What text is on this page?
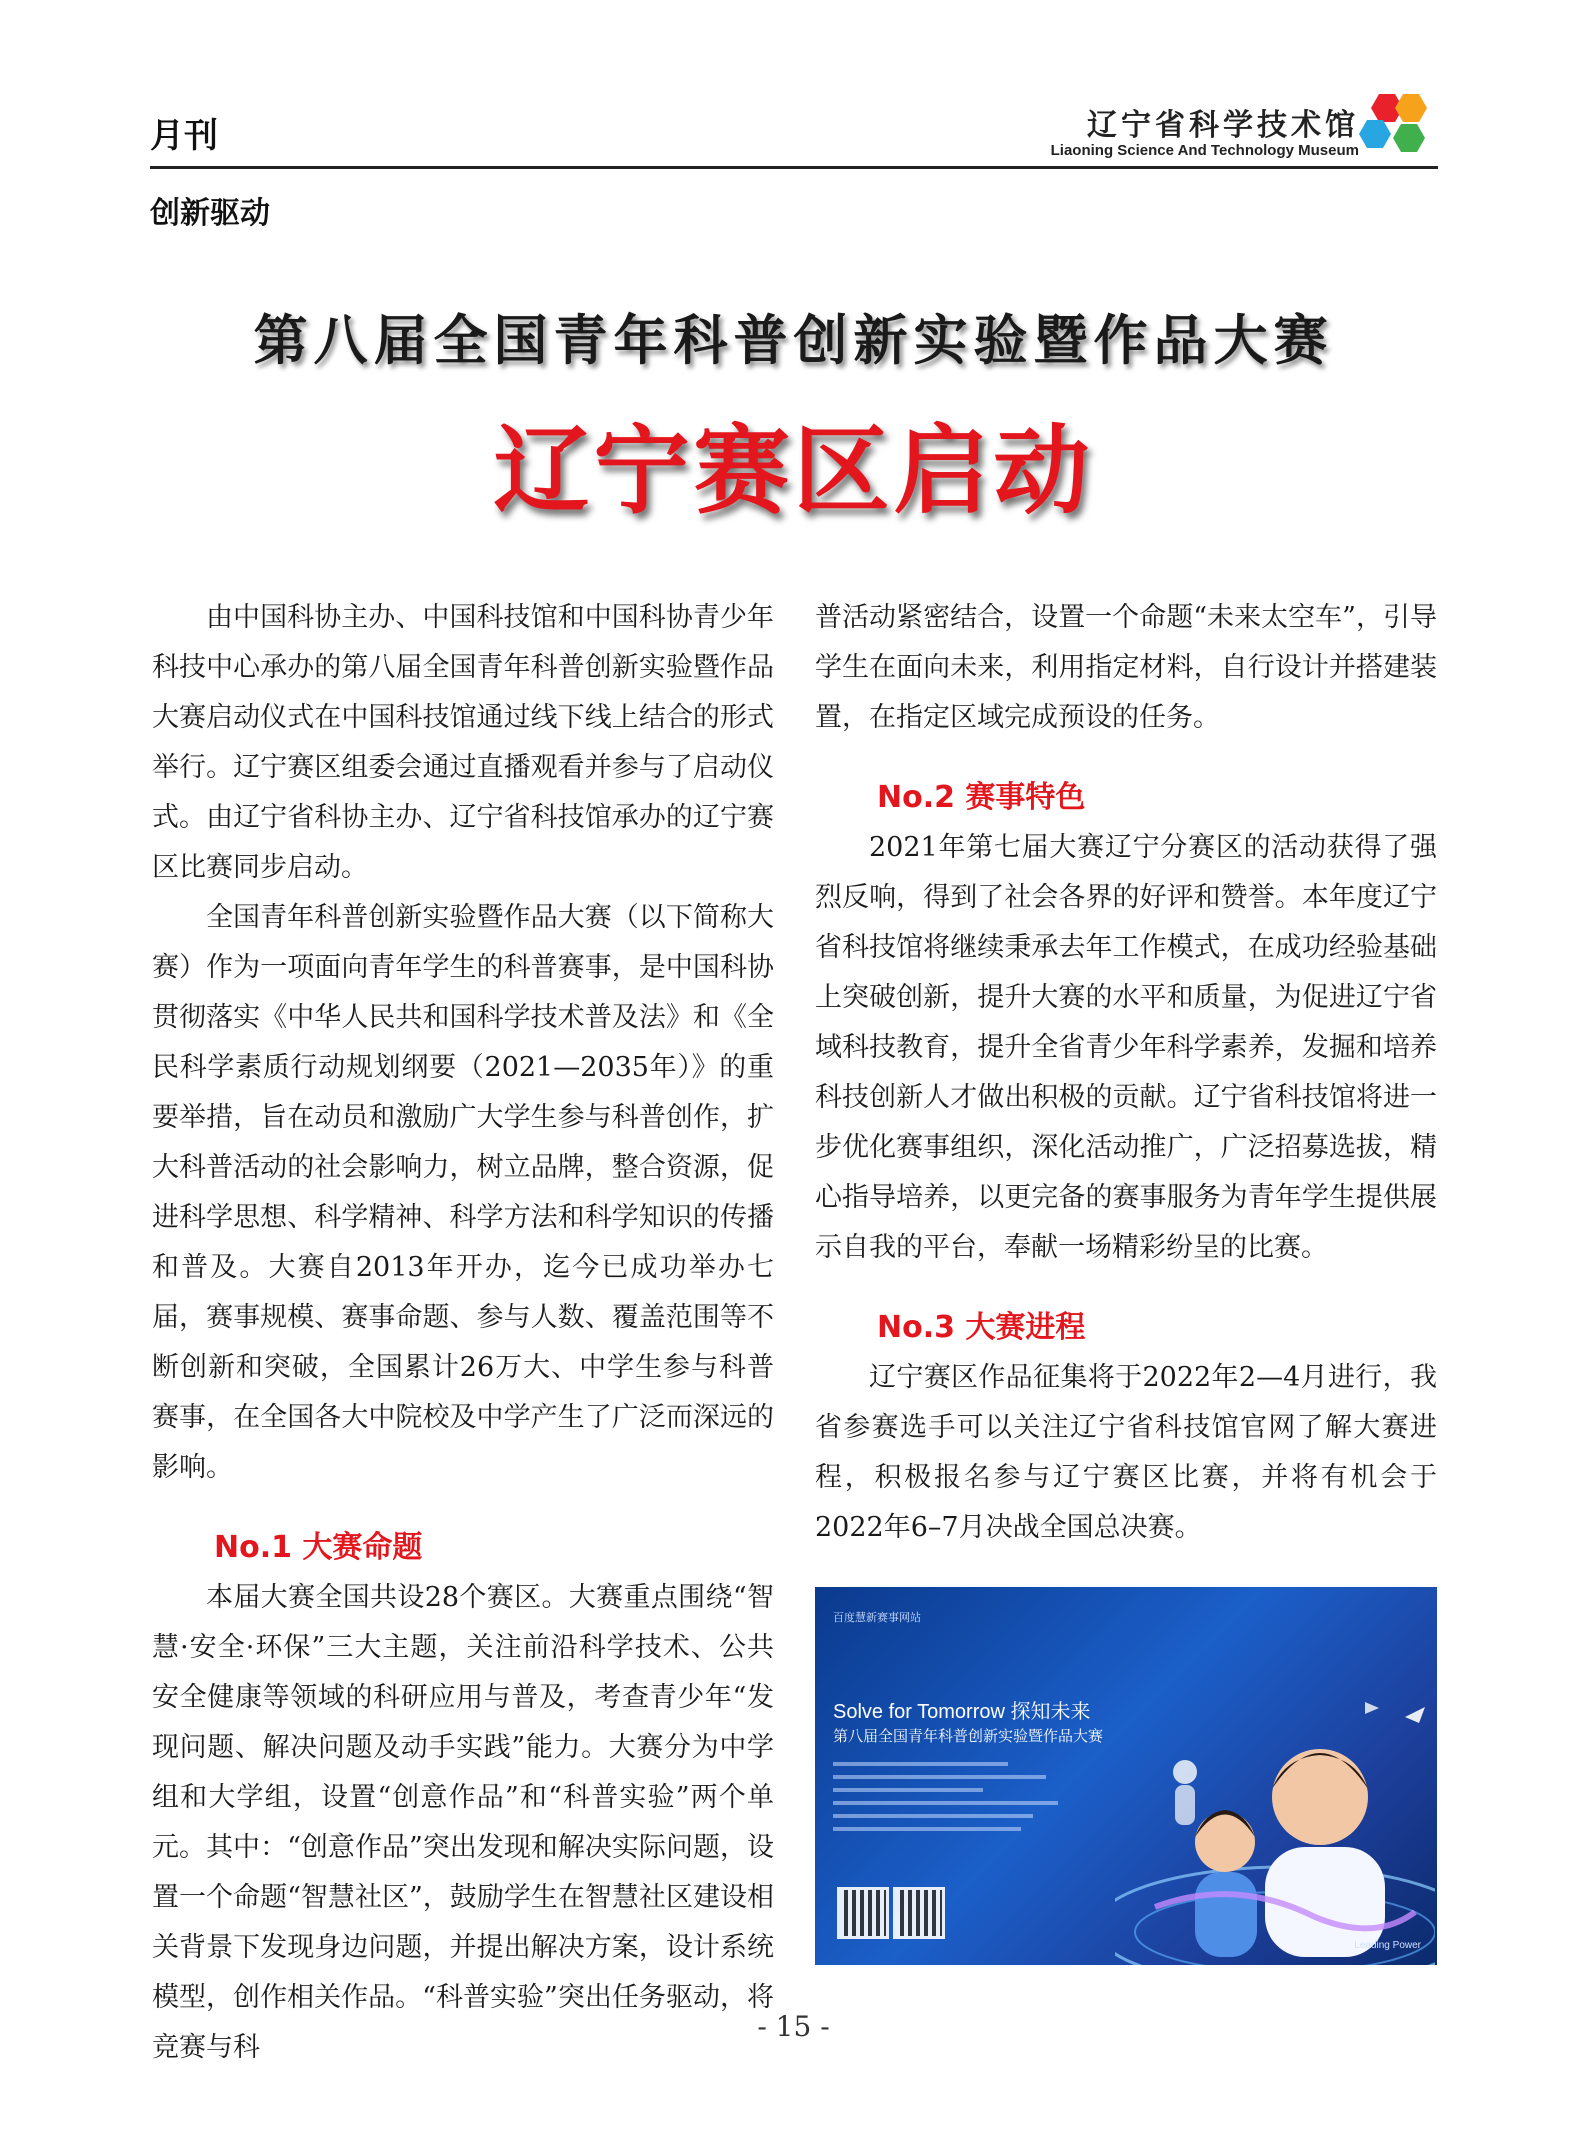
月刊	辽宁省科学技术馆
Liaoning Science And Technology Museum
创新驱动
第八届全国青年科普创新实验暨作品大赛
辽宁赛区启动

由中国科协主办、中国科技馆和中国科协青少年科技中心承办的第八届全国青年科普创新实验暨作品大赛启动仪式在中国科技馆通过线下线上结合的形式举行。辽宁赛区组委会通过直播观看并参与了启动仪式。由辽宁省科协主办、辽宁省科技馆承办的辽宁赛区比赛同步启动。

全国青年科普创新实验暨作品大赛（以下简称大赛）作为一项面向青年学生的科普赛事，是中国科协贯彻落实《中华人民共和国科学技术普及法》和《全民科学素质行动规划纲要（2021—2035年）》的重要举措，旨在动员和激励广大学生参与科普创作，扩大科普活动的社会影响力，树立品牌，整合资源，促进科学思想、科学精神、科学方法和科学知识的传播和普及。大赛自2013年开办，迄今已成功举办七届，赛事规模、赛事命题、参与人数、覆盖范围等不断创新和突破，全国累计26万大、中学生参与科普赛事，在全国各大中院校及中学产生了广泛而深远的影响。

No.1 大赛命题

本届大赛全国共设28个赛区。大赛重点围绕“智慧·安全·环保”三大主题，关注前沿科学技术、公共安全健康等领域的科研应用与普及，考查青少年“发现问题、解决问题及动手实践”能力。大赛分为中学组和大学组，设置“创意作品”和“科普实验”两个单元。其中：“创意作品”突出发现和解决实际问题，设置一个命题“智慧社区”，鼓励学生在智慧社区建设相关背景下发现身边问题，并提出解决方案，设计系统模型，创作相关作品。“科普实验”突出任务驱动，将竞赛与科

普活动紧密结合，设置一个命题“未来太空车”，引导学生在面向未来，利用指定材料，自行设计并搭建装置，在指定区域完成预设的任务。

No.2 赛事特色

2021年第七届大赛辽宁分赛区的活动获得了强烈反响，得到了社会各界的好评和赞誉。本年度辽宁省科技馆将继续秉承去年工作模式，在成功经验基础上突破创新，提升大赛的水平和质量，为促进辽宁省域科技教育，提升全省青少年科学素养，发掘和培养科技创新人才做出积极的贡献。辽宁省科技馆将进一步优化赛事组织，深化活动推广，广泛招募选拔，精心指导培养，以更完备的赛事服务为青年学生提供展示自我的平台，奉献一场精彩纷呈的比赛。

No.3 大赛进程

辽宁赛区作品征集将于2022年2—4月进行，我省参赛选手可以关注辽宁省科技馆官网了解大赛进程，积极报名参与辽宁赛区比赛，并将有机会于2022年6–7月决战全国总决赛。

百度慧新赛事网站
Solve for Tomorrow 探知未来
第八届全国青年科普创新实验暨作品大赛
Leading Power
- 15 -
